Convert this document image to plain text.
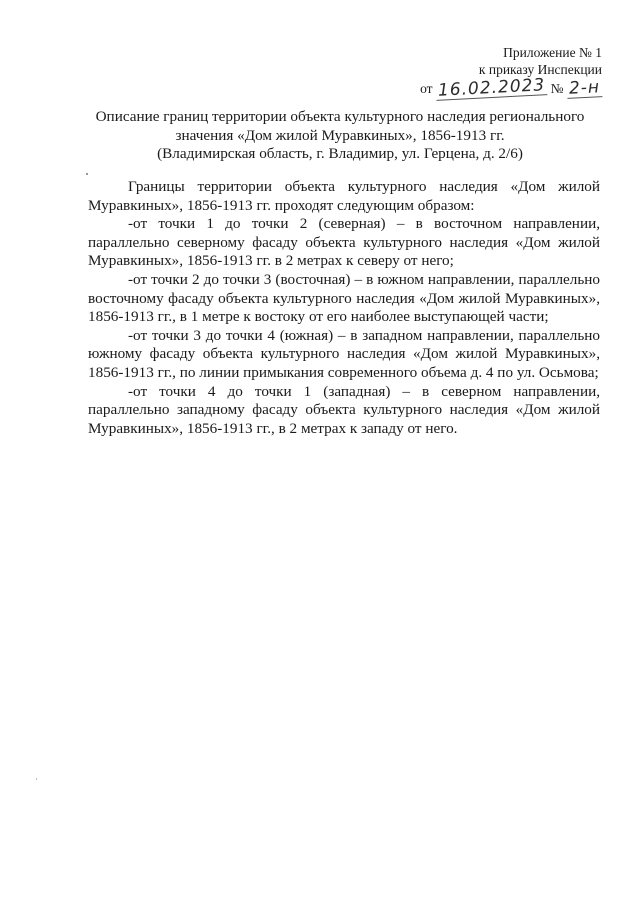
Приложение № 1
к приказу Инспекции
от 16.02.2023 № 2-н
Описание границ территории объекта культурного наследия регионального
значения «Дом жилой Муравкиных», 1856-1913 гг.
(Владимирская область, г. Владимир, ул. Герцена, д. 2/6)

Границы территории объекта культурного наследия «Дом жилой Муравкиных», 1856-1913 гг. проходят следующим образом:

-от точки 1 до точки 2 (северная) – в восточном направлении, параллельно северному фасаду объекта культурного наследия «Дом жилой Муравкиных», 1856-1913 гг. в 2 метрах к северу от него;

-от точки 2 до точки 3 (восточная) – в южном направлении, параллельно восточному фасаду объекта культурного наследия «Дом жилой Муравкиных», 1856-1913 гг., в 1 метре к востоку от его наиболее выступающей части;

-от точки 3 до точки 4 (южная) – в западном направлении, параллельно южному фасаду объекта культурного наследия «Дом жилой Муравкиных», 1856-1913 гг., по линии примыкания современного объема д. 4 по ул. Осьмова;

-от точки 4 до точки 1 (западная) – в северном направлении, параллельно западному фасаду объекта культурного наследия «Дом жилой Муравкиных», 1856-1913 гг., в 2 метрах к западу от него.
